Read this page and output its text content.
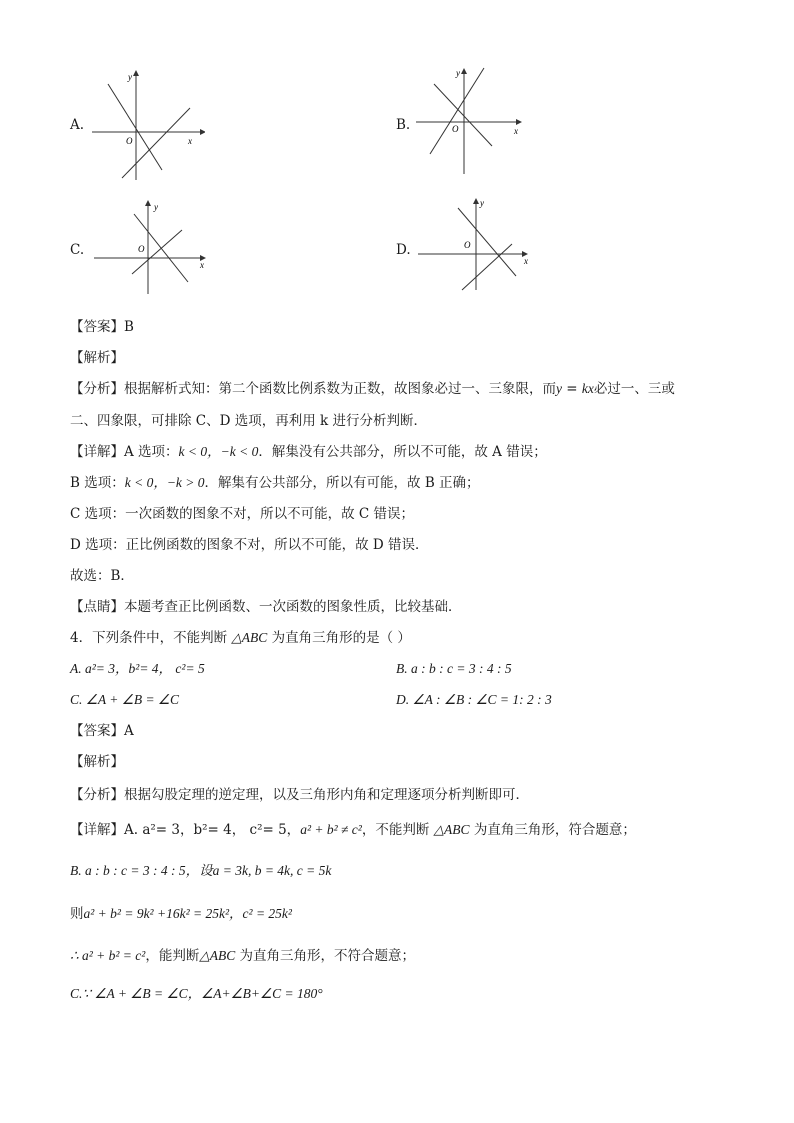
A.
y
x
O
B.
y
x
O
C.
y
x
O	D.
y
x
O
【答案】B
【解析】
【分析】根据解析式知：第二个函数比例系数为正数，故图象必过一、三象限，而y = kx必过一、三或
二、四象限，可排除 C、D 选项，再利用 k 进行分析判断．
【详解】A 选项：k < 0，−k < 0．解集没有公共部分，所以不可能，故 A 错误；
B 选项：k < 0，−k > 0．解集有公共部分，所以有可能，故 B 正确；
C 选项：一次函数的图象不对，所以不可能，故 C 错误；
D 选项：正比例函数的图象不对，所以不可能，故 D 错误．
故选：B．
【点睛】本题考查正比例函数、一次函数的图象性质，比较基础．
4．下列条件中，不能判断 △ABC 为直角三角形的是（ ）
A. a²= 3，b²= 4， c²= 5	B. a : b : c = 3 : 4 : 5
C. ∠A + ∠B = ∠C	D. ∠A : ∠B : ∠C = 1: 2 : 3
【答案】A
【解析】
【分析】根据勾股定理的逆定理，以及三角形内角和定理逐项分析判断即可．
【详解】A. a²= 3，b²= 4， c²= 5，a² + b² ≠ c²，不能判断 △ABC 为直角三角形，符合题意；
B. a : b : c = 3 : 4 : 5，设a = 3k, b = 4k, c = 5k
则a² + b² = 9k² +16k² = 25k²，c² = 25k²
∴ a² + b² = c²，能判断△ABC 为直角三角形，不符合题意；
C.∵ ∠A + ∠B = ∠C，∠A+∠B+∠C = 180°
